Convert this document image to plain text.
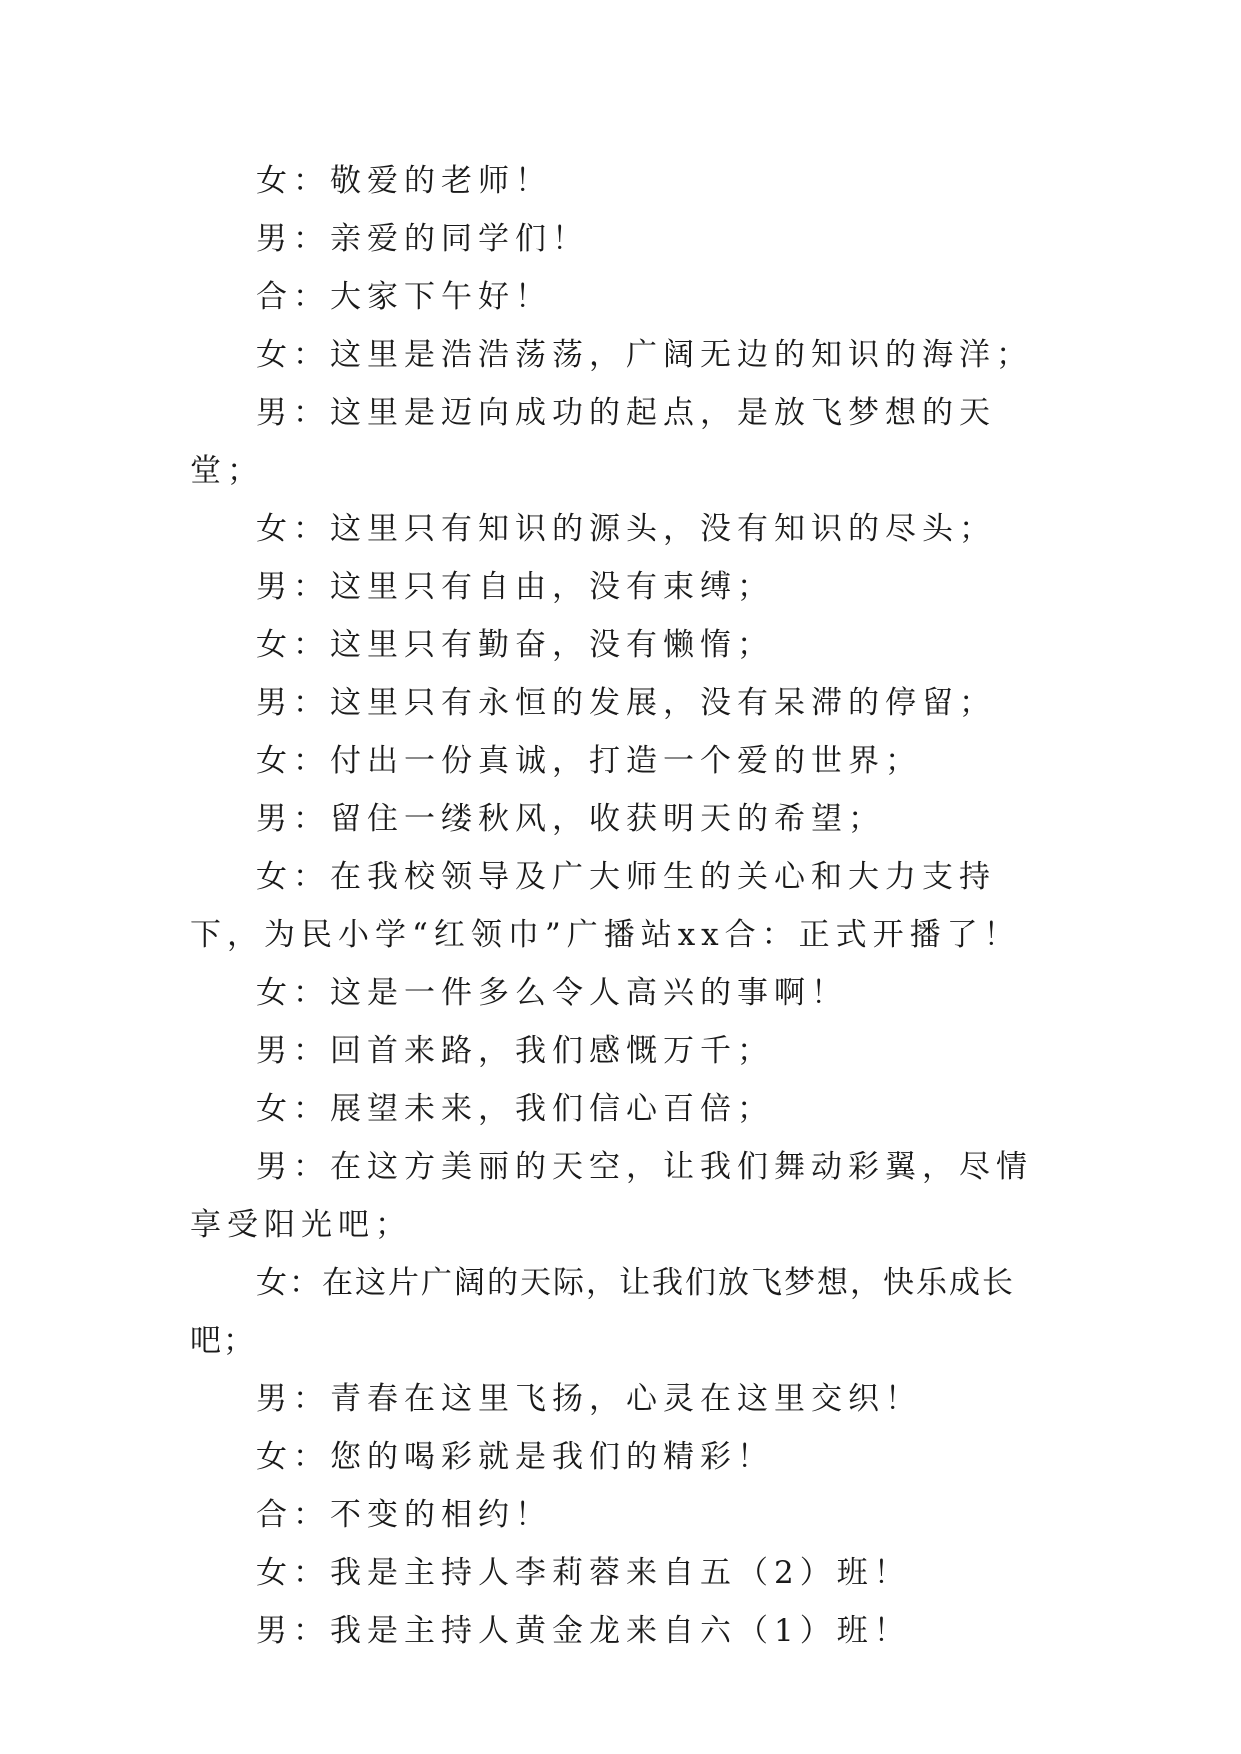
女：敬爱的老师！

男：亲爱的同学们！

合：大家下午好！

女：这里是浩浩荡荡，广阔无边的知识的海洋；

男：这里是迈向成功的起点，是放飞梦想的天堂；

女：这里只有知识的源头，没有知识的尽头；

男：这里只有自由，没有束缚；

女：这里只有勤奋，没有懒惰；

男：这里只有永恒的发展，没有呆滞的停留；

女：付出一份真诚，打造一个爱的世界；

男：留住一缕秋风，收获明天的希望；

女：在我校领导及广大师生的关心和大力支持下，为民小学“红领巾”广播站xx合：正式开播了！

女：这是一件多么令人高兴的事啊！

男：回首来路，我们感慨万千；

女：展望未来，我们信心百倍；

男：在这方美丽的天空，让我们舞动彩翼，尽情享受阳光吧；

女：在这片广阔的天际，让我们放飞梦想，快乐成长吧；

男：青春在这里飞扬，心灵在这里交织！

女：您的喝彩就是我们的精彩！

合：不变的相约！

女：我是主持人李莉蓉来自五（2）班！

男：我是主持人黄金龙来自六（1）班！
